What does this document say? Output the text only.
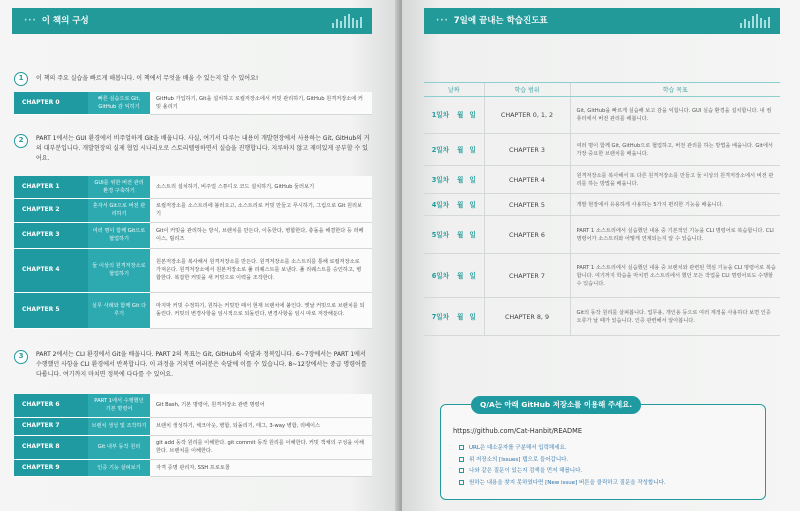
··· 이 책의 구성
1	이 책의 주요 실습을 빠르게 해봅니다. 이 책에서 무엇을 배울 수 있는지 알 수 있어요!
CHAPTER 0	빠른 실습으로 Git, GitHub 감 익히기	GitHub 가입하기, Git을 설치하고 로컬저장소에서 커밋 관리하기, GitHub 원격저장소에 커밋 올리기
2	PART 1에서는 GUI 환경에서 비주얼하게 Git을 배웁니다. 사실, 여기서 다루는 내용이 개발현장에서 사용하는 Git, GitHub의 거의 대부분입니다. 개발현장의 실제 협업 시나리오로 스토리텔링하면서 실습을 진행합니다. 지루하지 않고 재미있게 공부할 수 있어요.
CHAPTER 1	GUI를 위한 버전 관리 환경 구축하기	소스트리 설치하기, 비주얼 스튜디오 코드 설치하기, GitHub 둘러보기
CHAPTER 2	혼자서 Git으로 버전 관리하기	로컬저장소를 소스트리에 불러오고, 소스트리로 커밋 만들고 푸시하기, 그림으로 Git 원리보기
CHAPTER 3	여러 명이 함께 Git으로 협업하기	Git이 커밋을 관리하는 방식, 브랜치를 만든다, 이동한다, 병합한다, 충돌을 해결한다 등 러베이스, 릴리즈
CHAPTER 4	둘 이상의 원격저장소로 협업하기	원본저장소를 복사해서 원격저장소를 만든다. 원격저장소를 소스트리를 통해 로컬저장소로 가져온다. 원격저장소에서 원본저장소로 풀 리퀘스트를 보낸다. 풀 리퀘스트를 승인하고, 병합한다. 복잡한 커밋을 새 커밋으로 이력을 조작한다.
CHAPTER 5	실무 사례와 함께 Git 다루기	마지막 커밋 수정하기, 원하는 커밋만 때서 현재 브랜치에 붙인다. 옛날 커밋으로 브랜치를 되돌린다. 커밋의 변경사항을 임시적으로 되돌린다, 변경사항을 임시 따로 저장해둔다.
3	PART 2에서는 CLI 환경에서 Git을 배웁니다. PART 2의 목표는 Git, GitHub의 숙달과 정복입니다. 6~7장에서는 PART 1에서 수행했던 사항을 CLI 환경에서 반복합니다. 이 과정을 거치면 여러분은 숙달에 이를 수 있습니다. 8~12장에서는 중급 명령어를 다룹니다. 여기까지 마치면 정복에 다다를 수 있어요.
CHAPTER 6	PART 1에서 수행했던 기본 명령어	Git Bash, 기본 명령어, 원격저장소 관련 명령어
CHAPTER 7	브랜치 생성 및 조작하기	브랜치 생성하기, 체크아웃, 병합, 되돌리기, 태그, 3-way 병합, 리베이스
CHAPTER 8	Git 내부 동작 원리	git add 동작 원리를 이해한다. git commit 동작 원리를 이해한다. 커밋 객체의 구성을 이해한다. 브랜치를 이해한다.
CHAPTER 9	인증 기능 살펴보기	자격 증명 관리자, SSH 프로토콜
··· 7일에 끝내는 학습진도표
날짜	학습 범위	학습 목표
1일차 월 일	CHAPTER 0, 1, 2	Git, GitHub을 빠르게 실습해 보고 감을 익힙니다. GUI 실습 환경을 설치합니다. 내 컴퓨터에서 버전 관리를 해봅니다.
2일차 월 일	CHAPTER 3	여러 명이 함께 Git, GitHub으로 협업하고, 버전 관리를 하는 방법을 배웁니다. Git에서 가장 중요한 브랜치를 배웁니다.
3일차 월 일	CHAPTER 4	원격저장소를 복사해서 또 다른 원격저장소를 만들고 둘 이상의 원격저장소에서 버전 관리를 하는 방법을 배웁니다.
4일차 월 일	CHAPTER 5	개발 현장에서 유용하게 사용하는 5가지 편리한 기능을 배웁니다.
5일차 월 일	CHAPTER 6	PART 1 소스트리에서 실습했던 내용 중 기본적인 기능을 CLI 명령어로 복습합니다. CLI 명령어가 소스트리와 어떻게 연계되는지 알 수 있습니다.
6일차 월 일	CHAPTER 7	PART 1 소스트리에서 실습했던 내용 중 브랜치와 관련된 핵심 기능을 CLI 명령어로 복습합니다. 여기까지 학습을 마치면 소스트리에서 했던 모든 작업을 CLI 명령어로도 수행할 수 있습니다.
7일차 월 일	CHAPTER 8, 9	Git의 동작 원리를 살펴봅니다. 업무용, 개인용 등으로 여러 계정을 사용하다 보면 인증 오류가 날 때가 있습니다. 인증 관련해서 알아봅니다.
Q/A는 아래 GitHub 저장소를 이용해 주세요.
https://github.com/Cat-Hanbit/README
URL은 대소문자를 구분해서 입력해세요.
위 저장소의 [Issues] 탭으로 들어갑니다.
나와 같은 질문이 있는지 검색을 먼저 해봅니다.
원하는 내용을 찾지 못하였다면 [New issue] 버튼을 클릭하고 질문을 작성합니다.
